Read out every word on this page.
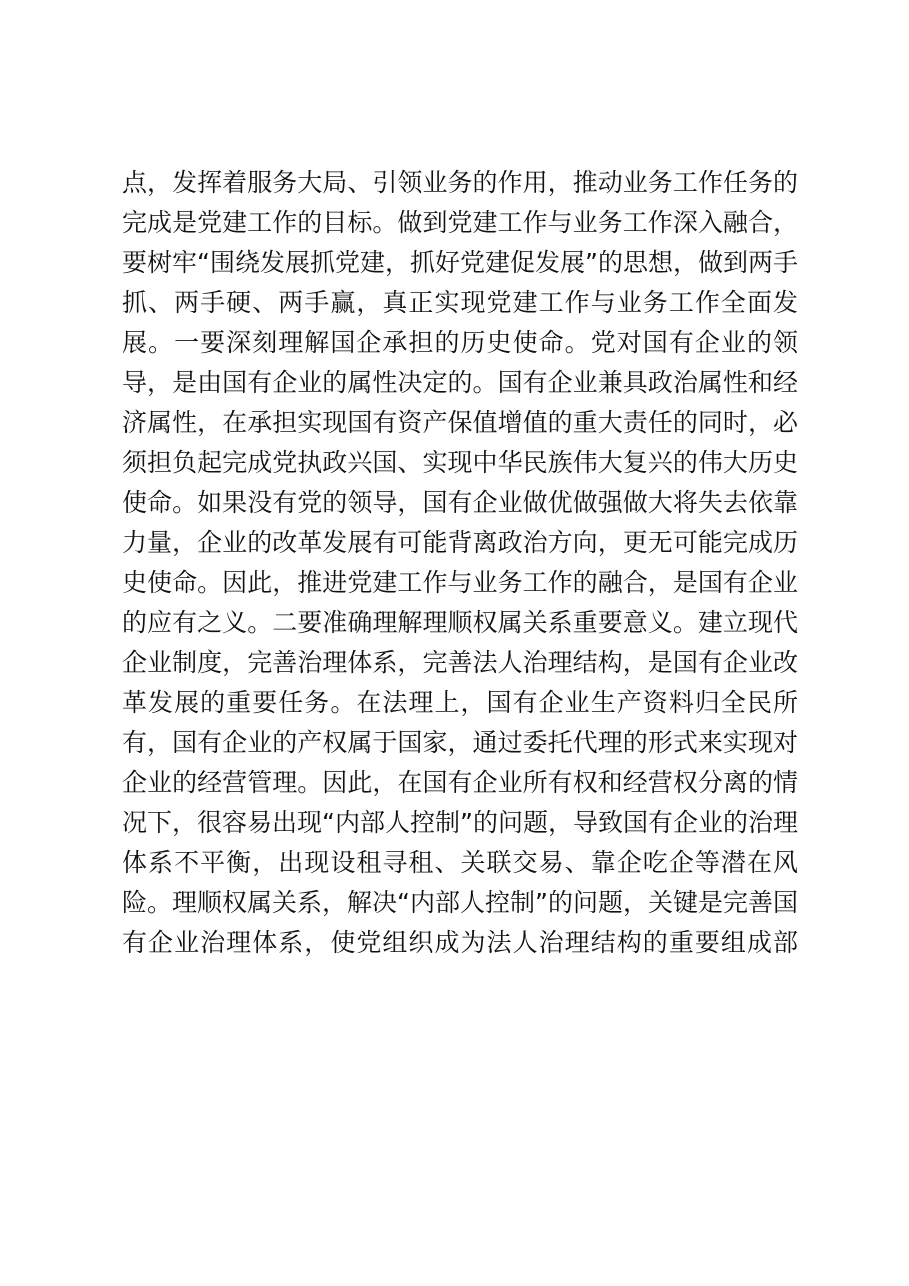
点，发挥着服务大局、引领业务的作用，推动业务工作任务的
完成是党建工作的目标。做到党建工作与业务工作深入融合，
要树牢“围绕发展抓党建，抓好党建促发展”的思想，做到两手
抓、两手硬、两手赢，真正实现党建工作与业务工作全面发
展。一要深刻理解国企承担的历史使命。党对国有企业的领
导，是由国有企业的属性决定的。国有企业兼具政治属性和经
济属性，在承担实现国有资产保值增值的重大责任的同时，必
须担负起完成党执政兴国、实现中华民族伟大复兴的伟大历史
使命。如果没有党的领导，国有企业做优做强做大将失去依靠
力量，企业的改革发展有可能背离政治方向，更无可能完成历
史使命。因此，推进党建工作与业务工作的融合，是国有企业
的应有之义。二要准确理解理顺权属关系重要意义。建立现代
企业制度，完善治理体系，完善法人治理结构，是国有企业改
革发展的重要任务。在法理上，国有企业生产资料归全民所
有，国有企业的产权属于国家，通过委托代理的形式来实现对
企业的经营管理。因此，在国有企业所有权和经营权分离的情
况下，很容易出现“内部人控制”的问题，导致国有企业的治理
体系不平衡，出现设租寻租、关联交易、靠企吃企等潜在风
险。理顺权属关系，解决“内部人控制”的问题，关键是完善国
有企业治理体系，使党组织成为法人治理结构的重要组成部
